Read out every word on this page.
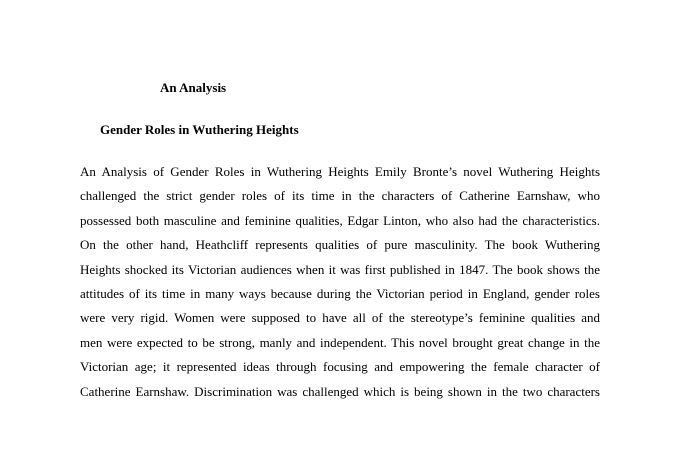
An Analysis
Gender Roles in Wuthering Heights
An Analysis of Gender Roles in Wuthering Heights Emily Bronte’s novel Wuthering Heights
challenged the strict gender roles of its time in the characters of Catherine Earnshaw, who
possessed both masculine and feminine qualities, Edgar Linton, who also had the characteristics.
On the other hand, Heathcliff represents qualities of pure masculinity. The book Wuthering
Heights shocked its Victorian audiences when it was first published in 1847. The book shows the
attitudes of its time in many ways because during the Victorian period in England, gender roles
were very rigid. Women were supposed to have all of the stereotype’s feminine qualities and
men were expected to be strong, manly and independent. This novel brought great change in the
Victorian age; it represented ideas through focusing and empowering the female character of
Catherine Earnshaw. Discrimination was challenged which is being shown in the two characters
